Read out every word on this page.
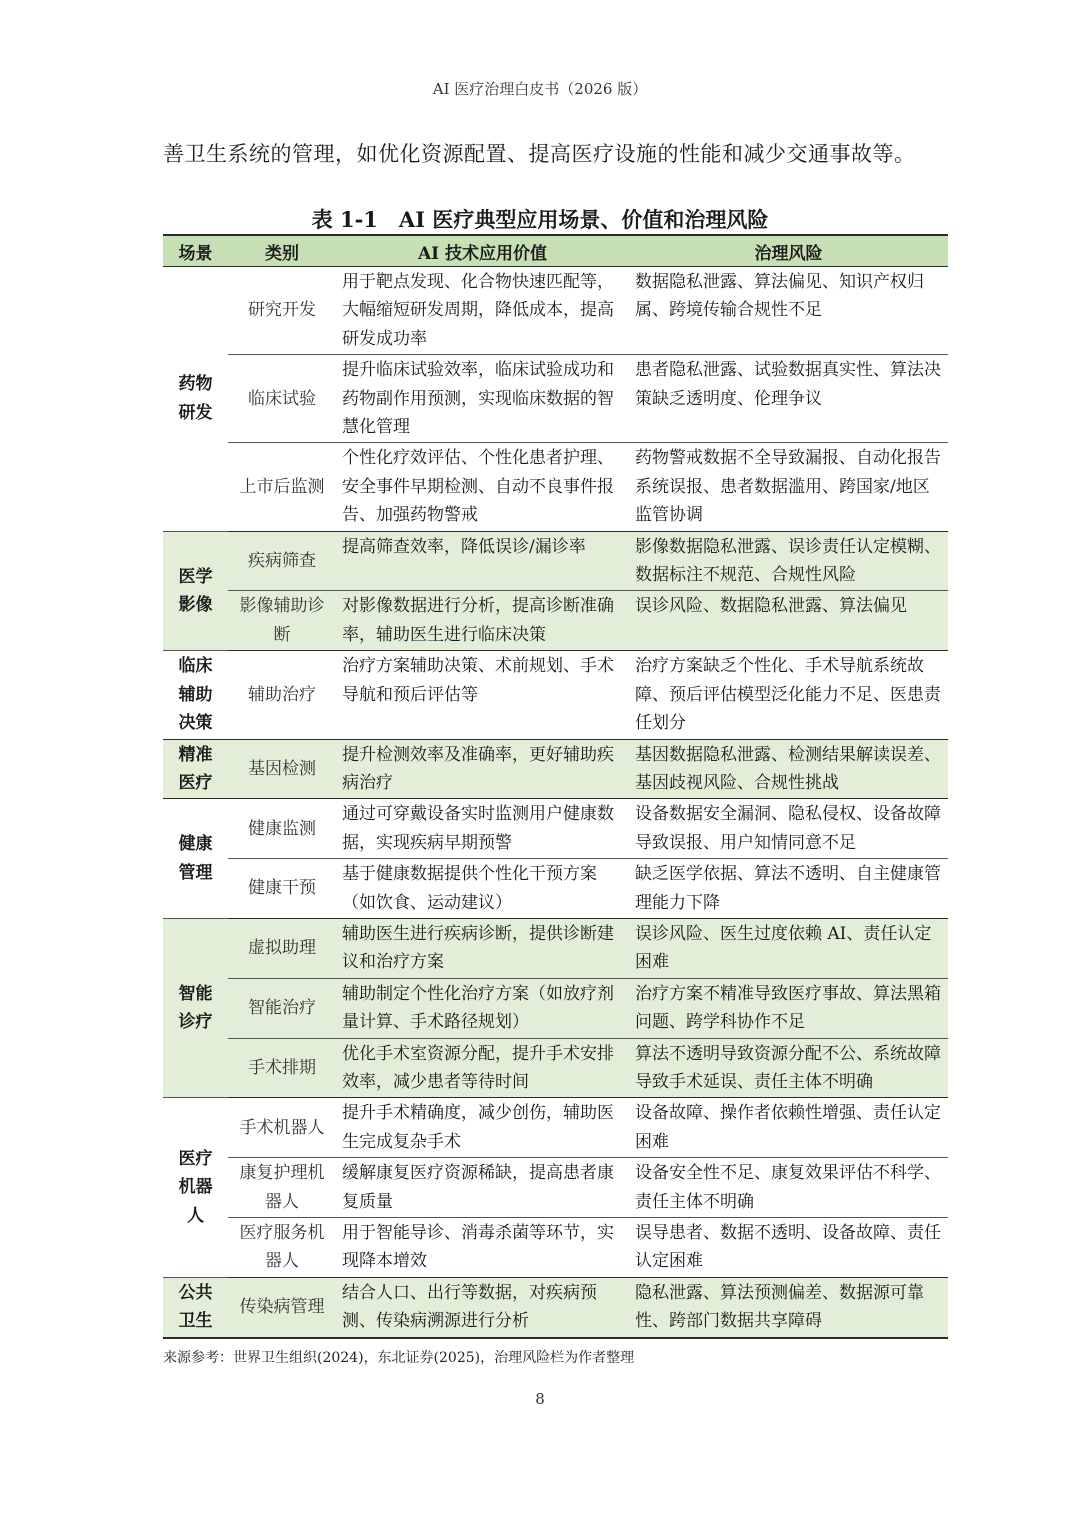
AI 医疗治理白皮书（2026 版）
善卫生系统的管理，如优化资源配置、提高医疗设施的性能和减少交通事故等。
表 1-1　AI 医疗典型应用场景、价值和治理风险
场景	类别	AI 技术应用价值	治理风险

药物研发	研究开发	用于靶点发现、化合物快速匹配等，大幅缩短研发周期，降低成本，提高研发成功率	数据隐私泄露、算法偏见、知识产权归属、跨境传输合规性不足
	临床试验	提升临床试验效率，临床试验成功和药物副作用预测，实现临床数据的智慧化管理	患者隐私泄露、试验数据真实性、算法决策缺乏透明度、伦理争议
	上市后监测	个性化疗效评估、个性化患者护理、安全事件早期检测、自动不良事件报告、加强药物警戒	药物警戒数据不全导致漏报、自动化报告系统误报、患者数据滥用、跨国家/地区监管协调

医学影像	疾病筛查	提高筛查效率，降低误诊/漏诊率	影像数据隐私泄露、误诊责任认定模糊、数据标注不规范、合规性风险
	影像辅助诊断	对影像数据进行分析，提高诊断准确率，辅助医生进行临床决策	误诊风险、数据隐私泄露、算法偏见

临床辅助决策	辅助治疗	治疗方案辅助决策、术前规划、手术导航和预后评估等	治疗方案缺乏个性化、手术导航系统故障、预后评估模型泛化能力不足、医患责任划分

精准医疗	基因检测	提升检测效率及准确率，更好辅助疾病治疗	基因数据隐私泄露、检测结果解读误差、基因歧视风险、合规性挑战

健康管理	健康监测	通过可穿戴设备实时监测用户健康数据，实现疾病早期预警	设备数据安全漏洞、隐私侵权、设备故障导致误报、用户知情同意不足
	健康干预	基于健康数据提供个性化干预方案（如饮食、运动建议）	缺乏医学依据、算法不透明、自主健康管理能力下降

智能诊疗	虚拟助理	辅助医生进行疾病诊断，提供诊断建议和治疗方案	误诊风险、医生过度依赖 AI、责任认定困难
	智能治疗	辅助制定个性化治疗方案（如放疗剂量计算、手术路径规划）	治疗方案不精准导致医疗事故、算法黑箱问题、跨学科协作不足
	手术排期	优化手术室资源分配，提升手术安排效率，减少患者等待时间	算法不透明导致资源分配不公、系统故障导致手术延误、责任主体不明确

医疗机器人	手术机器人	提升手术精确度，减少创伤，辅助医生完成复杂手术	设备故障、操作者依赖性增强、责任认定困难
	康复护理机器人	缓解康复医疗资源稀缺，提高患者康复质量	设备安全性不足、康复效果评估不科学、责任主体不明确
	医疗服务机器人	用于智能导诊、消毒杀菌等环节，实现降本增效	误导患者、数据不透明、设备故障、责任认定困难

公共卫生	传染病管理	结合人口、出行等数据，对疾病预测、传染病溯源进行分析	隐私泄露、算法预测偏差、数据源可靠性、跨部门数据共享障碍
来源参考：世界卫生组织(2024)，东北证券(2025)，治理风险栏为作者整理
8
